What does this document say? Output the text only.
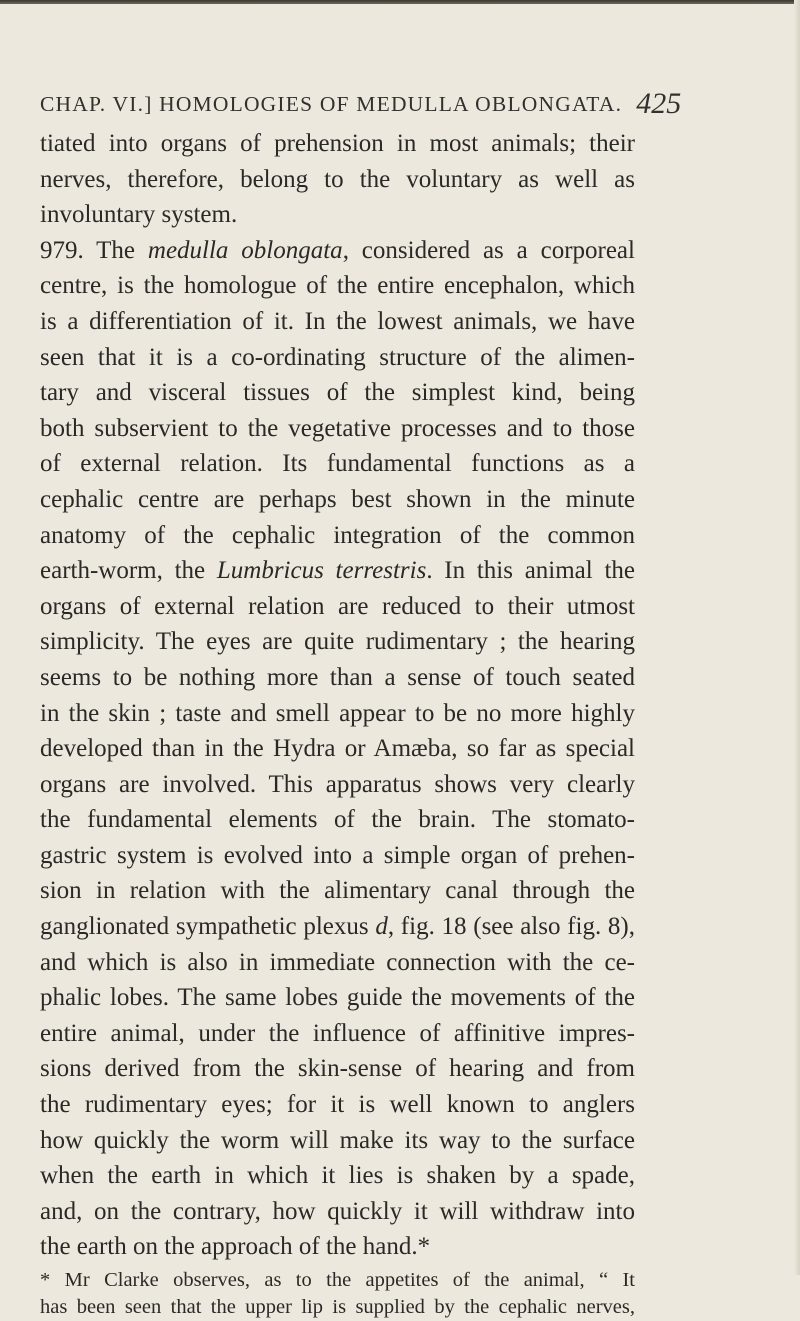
CHAP. VI.] HOMOLOGIES OF MEDULLA OBLONGATA. 425
tiated into organs of prehension in most animals; their
nerves, therefore, belong to the voluntary as well as
involuntary system.
979. The medulla oblongata, considered as a corporeal
centre, is the homologue of the entire encephalon, which
is a differentiation of it. In the lowest animals, we have
seen that it is a co-ordinating structure of the alimen-
tary and visceral tissues of the simplest kind, being
both subservient to the vegetative processes and to those
of external relation. Its fundamental functions as a
cephalic centre are perhaps best shown in the minute
anatomy of the cephalic integration of the common
earth-worm, the Lumbricus terrestris. In this animal the
organs of external relation are reduced to their utmost
simplicity. The eyes are quite rudimentary ; the hearing
seems to be nothing more than a sense of touch seated
in the skin ; taste and smell appear to be no more highly
developed than in the Hydra or Amæba, so far as special
organs are involved. This apparatus shows very clearly
the fundamental elements of the brain. The stomato-
gastric system is evolved into a simple organ of prehen-
sion in relation with the alimentary canal through the
ganglionated sympathetic plexus d, fig. 18 (see also fig. 8),
and which is also in immediate connection with the ce-
phalic lobes. The same lobes guide the movements of the
entire animal, under the influence of affinitive impres-
sions derived from the skin-sense of hearing and from
the rudimentary eyes; for it is well known to anglers
how quickly the worm will make its way to the surface
when the earth in which it lies is shaken by a spade,
and, on the contrary, how quickly it will withdraw into
the earth on the approach of the hand.*
* Mr Clarke observes, as to the appetites of the animal, “ It
has been seen that the upper lip is supplied by the cephalic nerves,
